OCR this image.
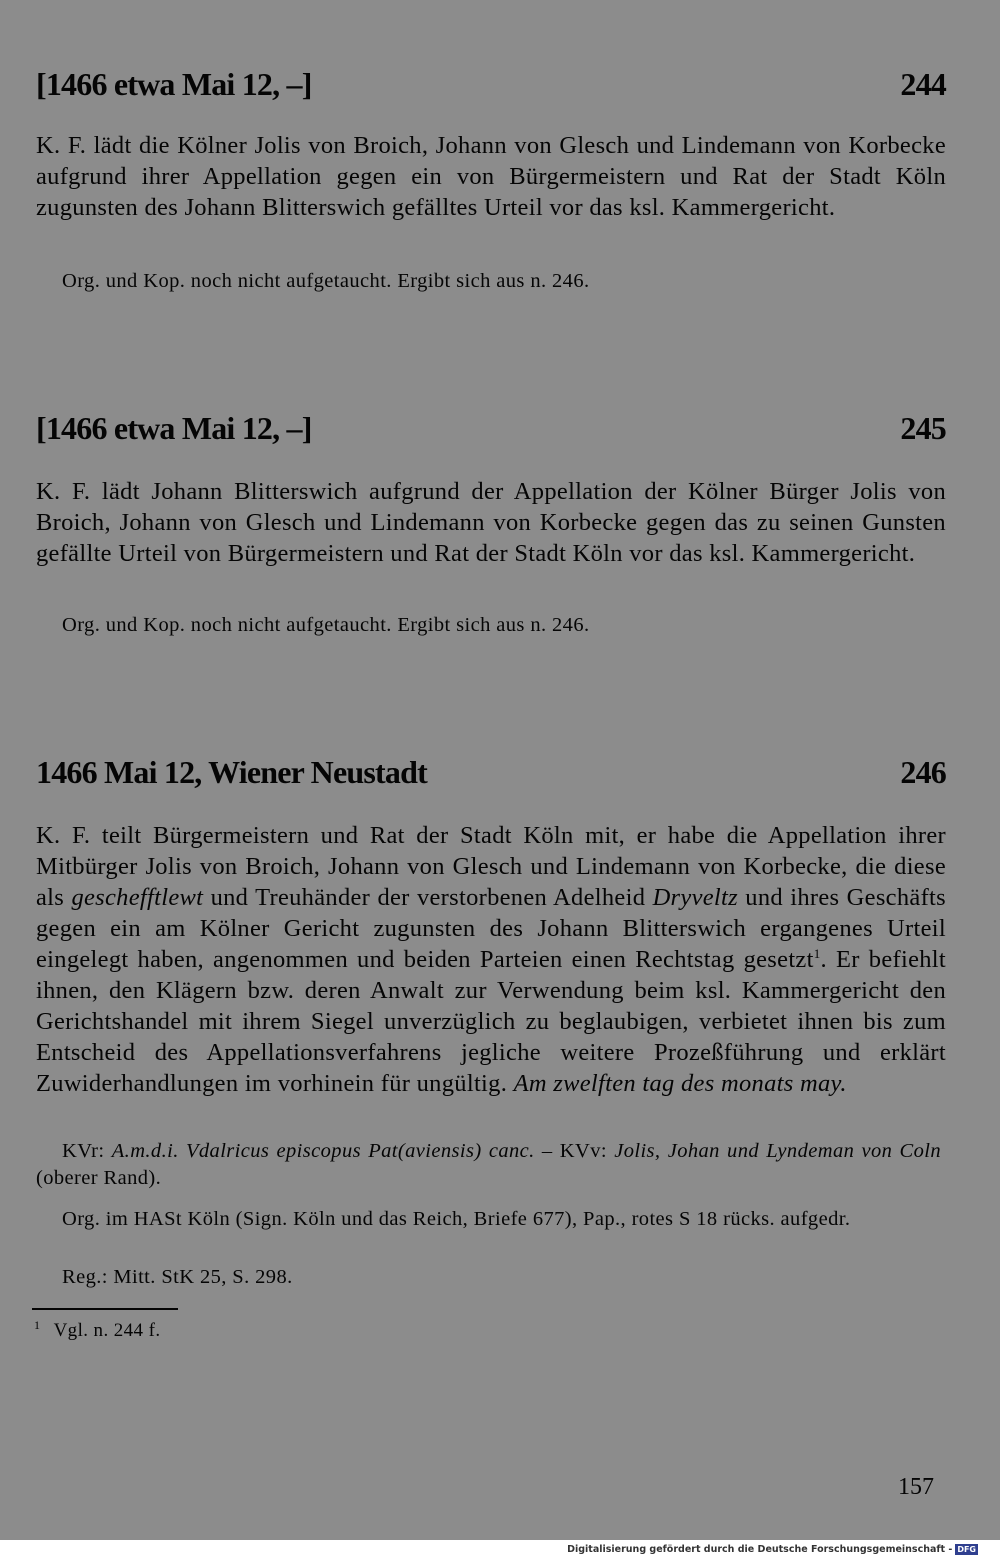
[1466 etwa Mai 12, –]	244

K. F. lädt die Kölner Jolis von Broich, Johann von Glesch und Lindemann von Korbecke aufgrund ihrer Appellation gegen ein von Bürgermeistern und Rat der Stadt Köln zugunsten des Johann Blitterswich gefälltes Urteil vor das ksl. Kammergericht.

Org. und Kop. noch nicht aufgetaucht. Ergibt sich aus n. 246.

[1466 etwa Mai 12, –]	245

K. F. lädt Johann Blitterswich aufgrund der Appellation der Kölner Bürger Jolis von Broich, Johann von Glesch und Lindemann von Korbecke gegen das zu seinen Gunsten gefällte Urteil von Bürgermeistern und Rat der Stadt Köln vor das ksl. Kammergericht.

Org. und Kop. noch nicht aufgetaucht. Ergibt sich aus n. 246.

1466 Mai 12, Wiener Neustadt	246

K. F. teilt Bürgermeistern und Rat der Stadt Köln mit, er habe die Appellation ihrer Mitbürger Jolis von Broich, Johann von Glesch und Lindemann von Korbecke, die diese als geschefftlewt und Treuhänder der verstorbenen Adelheid Dryveltz und ihres Geschäfts gegen ein am Kölner Gericht zugunsten des Johann Blitterswich ergangenes Urteil eingelegt haben, angenommen und beiden Parteien einen Rechtstag gesetzt$^1$. Er befiehlt ihnen, den Klägern bzw. deren Anwalt zur Verwendung beim ksl. Kammergericht den Gerichtshandel mit ihrem Siegel unverzüglich zu beglaubigen, verbietet ihnen bis zum Entscheid des Appellationsverfahrens jegliche weitere Prozeßführung und erklärt Zuwiderhandlungen im vorhinein für ungültig. Am zwelften tag des monats may.

KVr: A.m.d.i. Vdalricus episcopus Pat(aviensis) canc. – KVv: Jolis, Johan und Lyndeman von Coln (oberer Rand).

Org. im HASt Köln (Sign. Köln und das Reich, Briefe 677), Pap., rotes S 18 rücks. aufgedr.

Reg.: Mitt. StK 25, S. 298.

$^1$ Vgl. n. 244 f.
157
Digitalisierung gefördert durch die Deutsche Forschungsgemeinschaft - DFG
